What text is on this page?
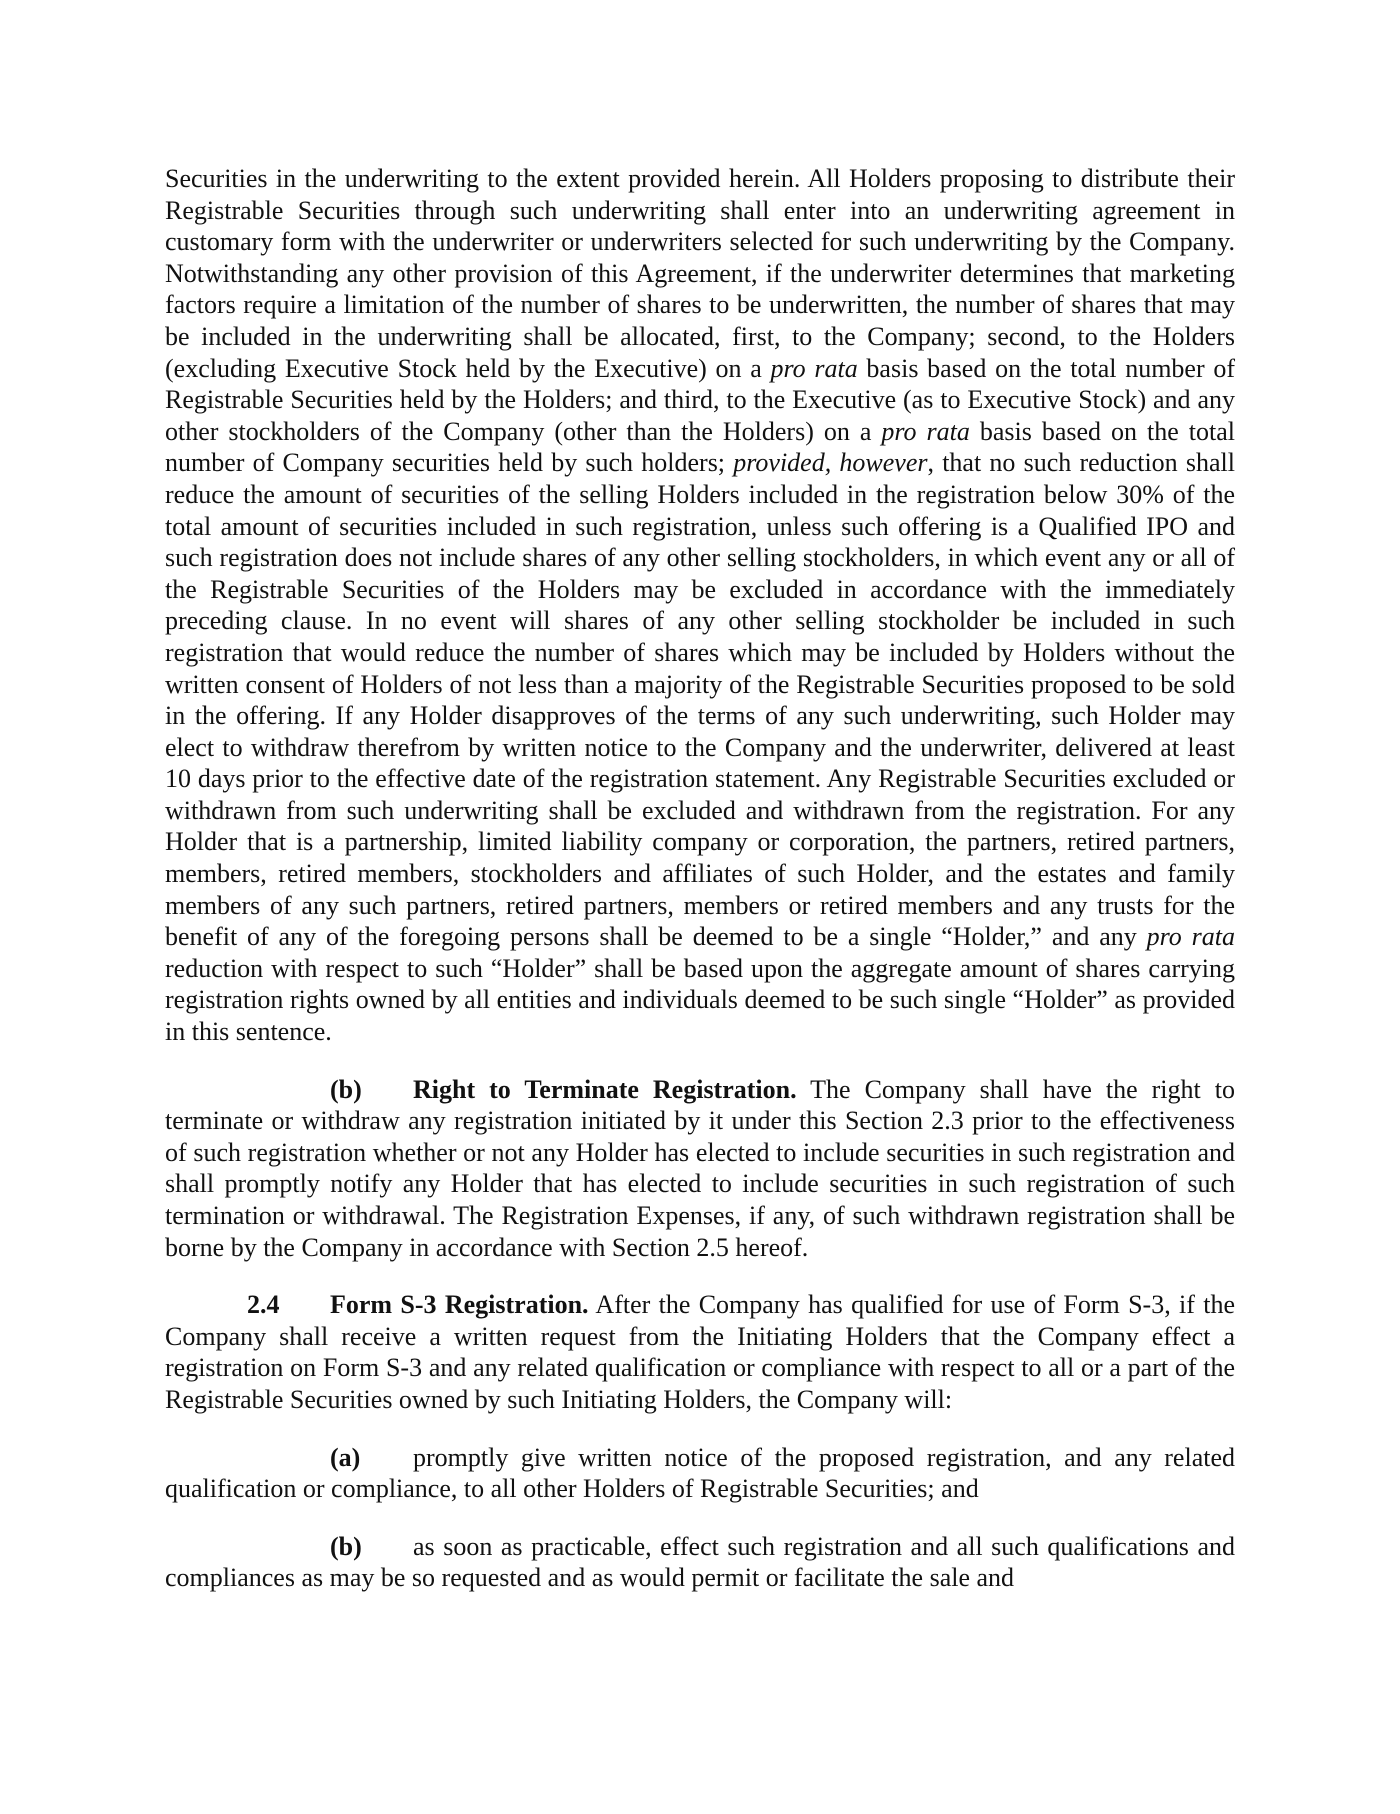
Securities in the underwriting to the extent provided herein. All Holders proposing to distribute their Registrable Securities through such underwriting shall enter into an underwriting agreement in customary form with the underwriter or underwriters selected for such underwriting by the Company. Notwithstanding any other provision of this Agreement, if the underwriter determines that marketing factors require a limitation of the number of shares to be underwritten, the number of shares that may be included in the underwriting shall be allocated, first, to the Company; second, to the Holders (excluding Executive Stock held by the Executive) on a pro rata basis based on the total number of Registrable Securities held by the Holders; and third, to the Executive (as to Executive Stock) and any other stockholders of the Company (other than the Holders) on a pro rata basis based on the total number of Company securities held by such holders; provided, however, that no such reduction shall reduce the amount of securities of the selling Holders included in the registration below 30% of the total amount of securities included in such registration, unless such offering is a Qualified IPO and such registration does not include shares of any other selling stockholders, in which event any or all of the Registrable Securities of the Holders may be excluded in accordance with the immediately preceding clause. In no event will shares of any other selling stockholder be included in such registration that would reduce the number of shares which may be included by Holders without the written consent of Holders of not less than a majority of the Registrable Securities proposed to be sold in the offering. If any Holder disapproves of the terms of any such underwriting, such Holder may elect to withdraw therefrom by written notice to the Company and the underwriter, delivered at least 10 days prior to the effective date of the registration statement. Any Registrable Securities excluded or withdrawn from such underwriting shall be excluded and withdrawn from the registration. For any Holder that is a partnership, limited liability company or corporation, the partners, retired partners, members, retired members, stockholders and affiliates of such Holder, and the estates and family members of any such partners, retired partners, members or retired members and any trusts for the benefit of any of the foregoing persons shall be deemed to be a single “Holder,” and any pro rata reduction with respect to such “Holder” shall be based upon the aggregate amount of shares carrying registration rights owned by all entities and individuals deemed to be such single “Holder” as provided in this sentence.

(b) Right to Terminate Registration. The Company shall have the right to terminate or withdraw any registration initiated by it under this Section 2.3 prior to the effectiveness of such registration whether or not any Holder has elected to include securities in such registration and shall promptly notify any Holder that has elected to include securities in such registration of such termination or withdrawal. The Registration Expenses, if any, of such withdrawn registration shall be borne by the Company in accordance with Section 2.5 hereof.

2.4 Form S-3 Registration. After the Company has qualified for use of Form S-3, if the Company shall receive a written request from the Initiating Holders that the Company effect a registration on Form S-3 and any related qualification or compliance with respect to all or a part of the Registrable Securities owned by such Initiating Holders, the Company will:

(a) promptly give written notice of the proposed registration, and any related qualification or compliance, to all other Holders of Registrable Securities; and

(b) as soon as practicable, effect such registration and all such qualifications and compliances as may be so requested and as would permit or facilitate the sale and
